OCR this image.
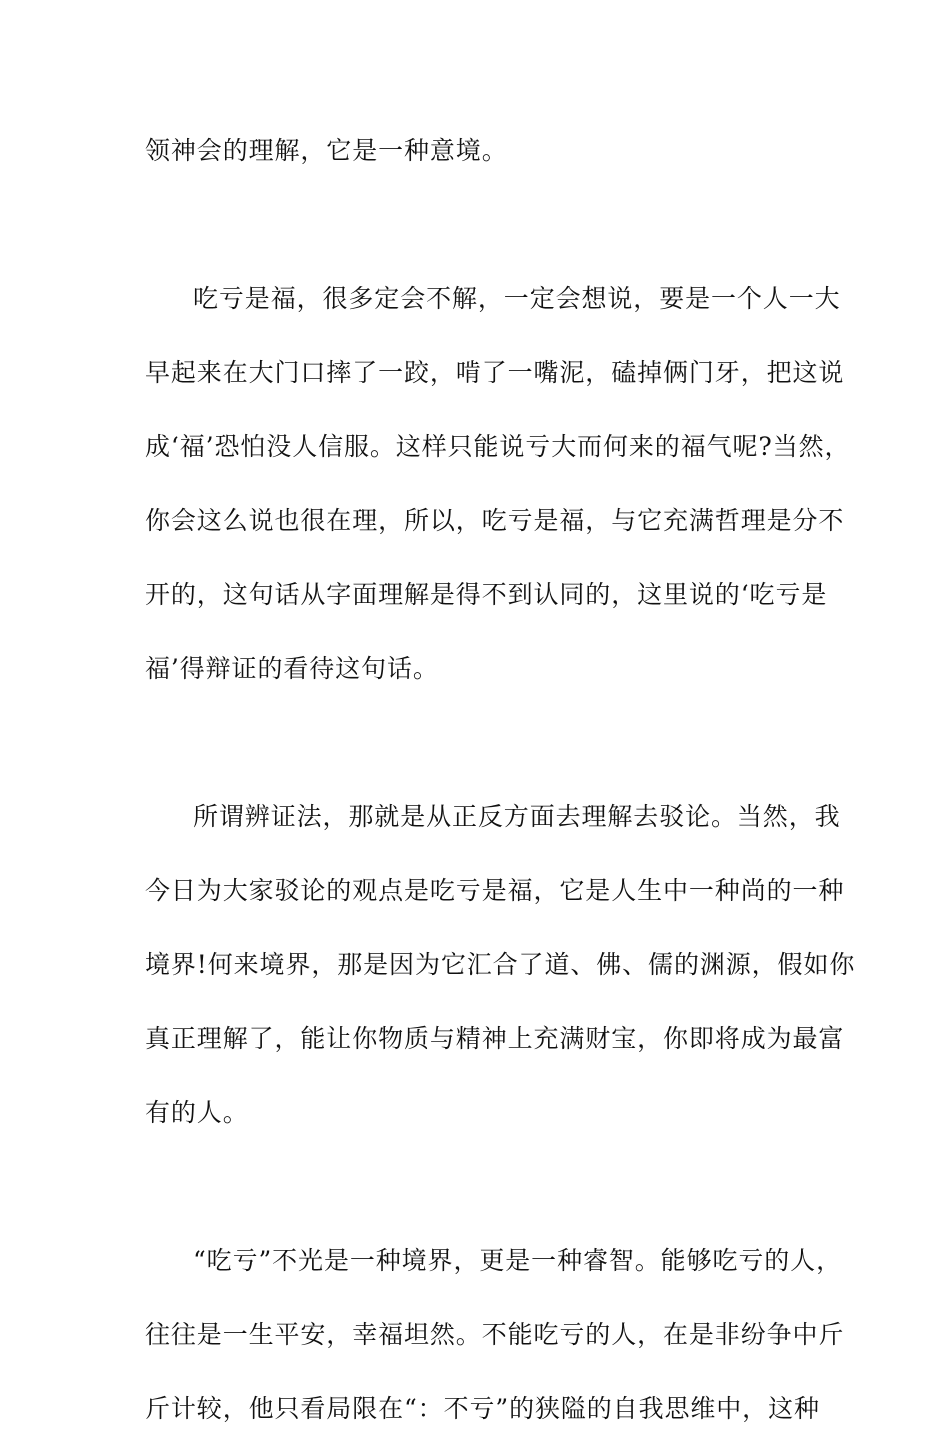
领神会的理解，它是一种意境。
吃亏是福，很多定会不解，一定会想说，要是一个人一大
早起来在大门口摔了一跤，啃了一嘴泥，磕掉俩门牙，把这说
成‘福’恐怕没人信服。这样只能说亏大而何来的福气呢?当然，
你会这么说也很在理，所以，吃亏是福，与它充满哲理是分不
开的，这句话从字面理解是得不到认同的，这里说的‘吃亏是
福’得辩证的看待这句话。
所谓辨证法，那就是从正反方面去理解去驳论。当然，我
今日为大家驳论的观点是吃亏是福，它是人生中一种尚的一种
境界!何来境界，那是因为它汇合了道、佛、儒的渊源，假如你
真正理解了，能让你物质与精神上充满财宝，你即将成为最富
有的人。
“吃亏”不光是一种境界，更是一种睿智。能够吃亏的人，
往往是一生平安，幸福坦然。不能吃亏的人，在是非纷争中斤
斤计较，他只看局限在“：不亏”的狭隘的自我思维中，这种
